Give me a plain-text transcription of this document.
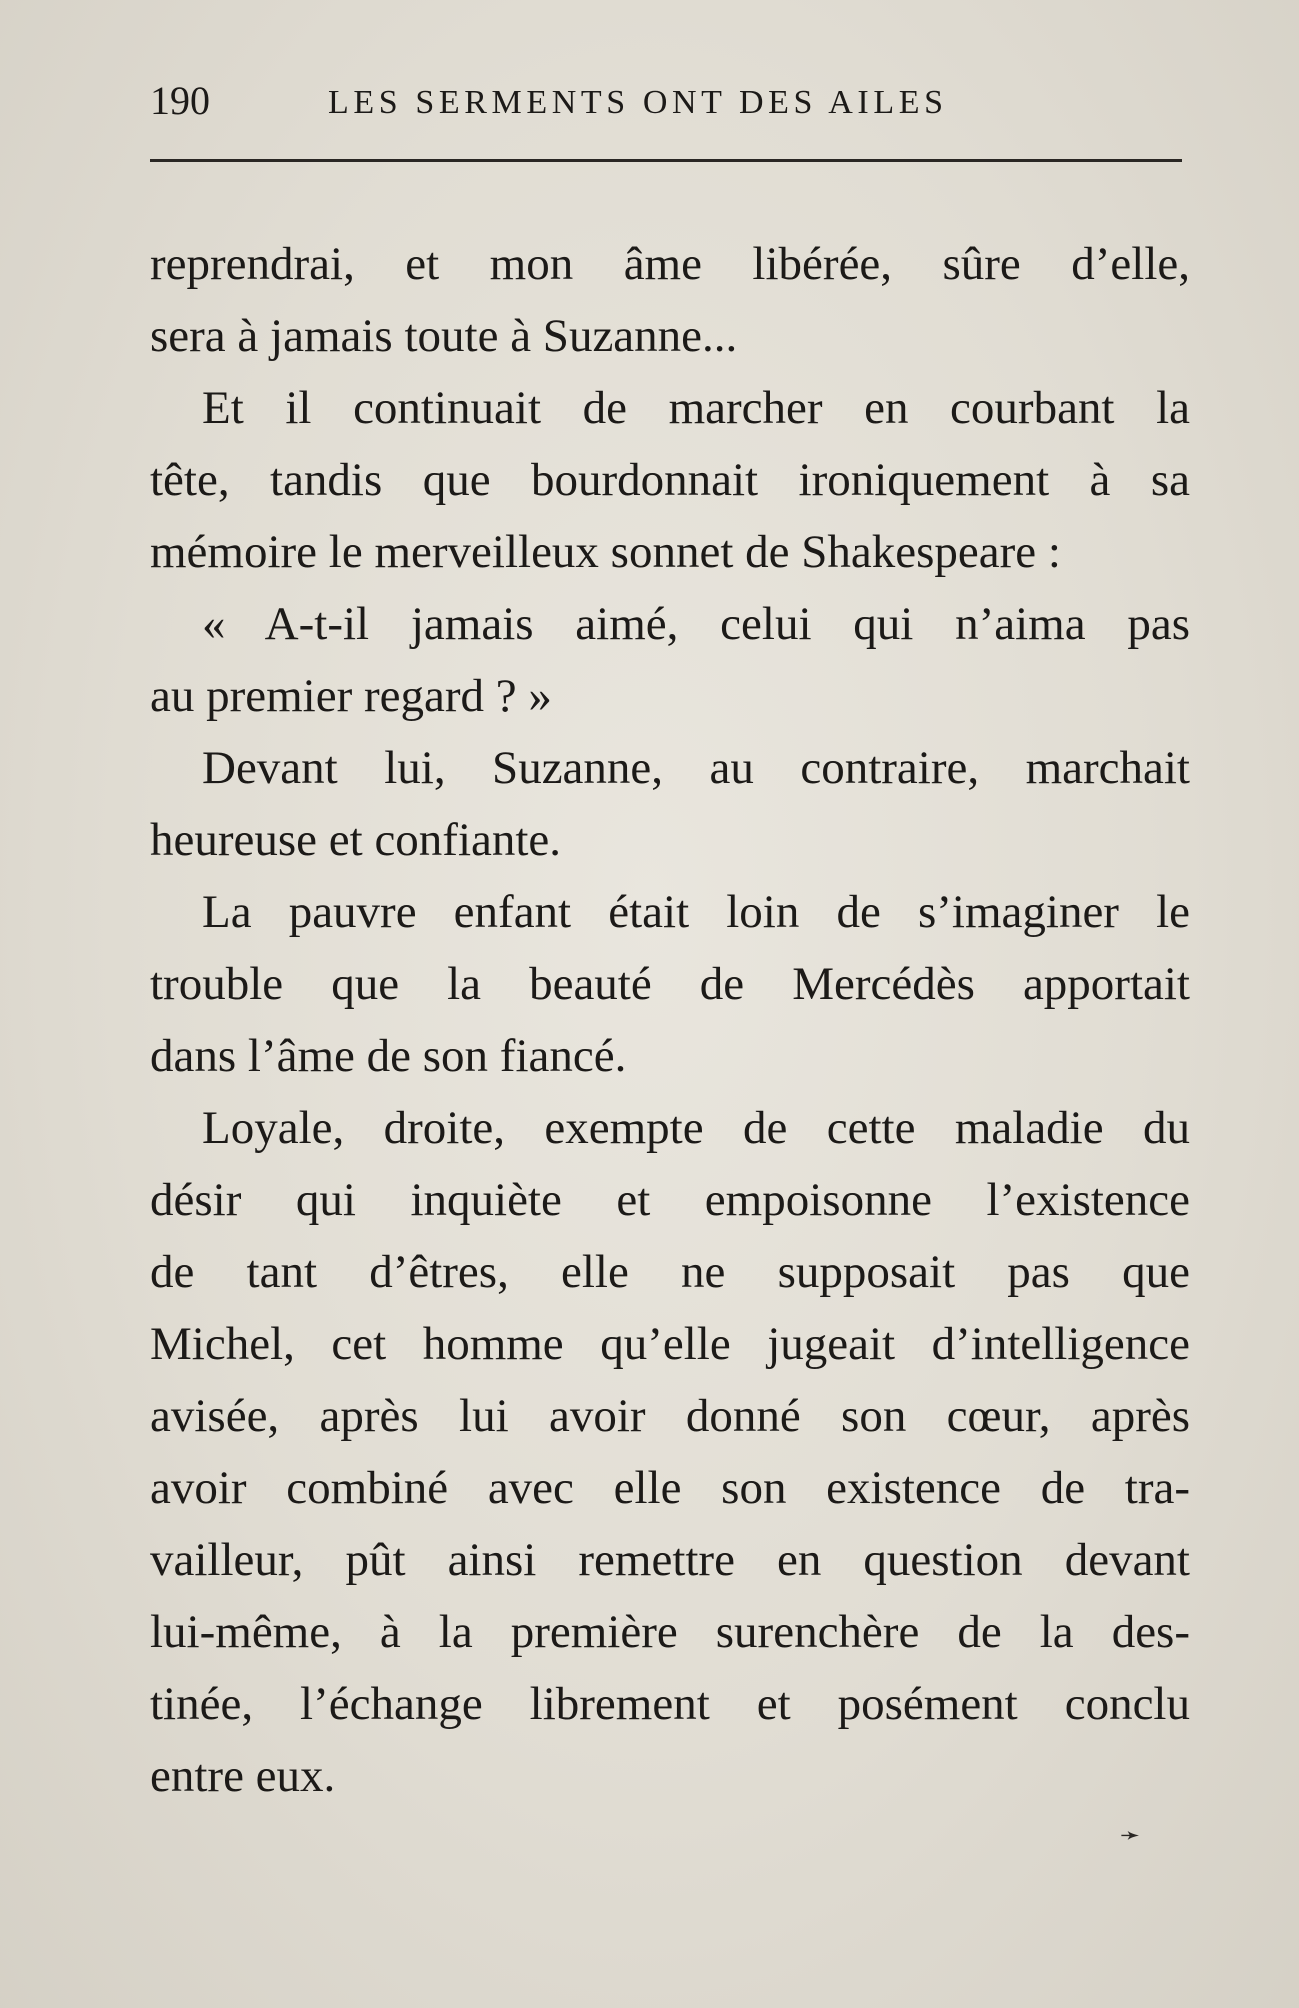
190	LES SERMENTS ONT DES AILES
reprendrai, et mon âme libérée, sûre d’elle,
sera à jamais toute à Suzanne...
Et il continuait de marcher en courbant la
tête, tandis que bourdonnait ironiquement à sa
mémoire le merveilleux sonnet de Shakespeare :
« A-t-il jamais aimé, celui qui n’aima pas
au premier regard ? »
Devant lui, Suzanne, au contraire, marchait
heureuse et confiante.
La pauvre enfant était loin de s’imaginer le
trouble que la beauté de Mercédès apportait
dans l’âme de son fiancé.
Loyale, droite, exempte de cette maladie du
désir qui inquiète et empoisonne l’existence
de tant d’êtres, elle ne supposait pas que
Michel, cet homme qu’elle jugeait d’intelligence
avisée, après lui avoir donné son cœur, après
avoir combiné avec elle son existence de tra-
vailleur, pût ainsi remettre en question devant
lui-même, à la première surenchère de la des-
tinée, l’échange librement et posément conclu
entre eux.
➛
